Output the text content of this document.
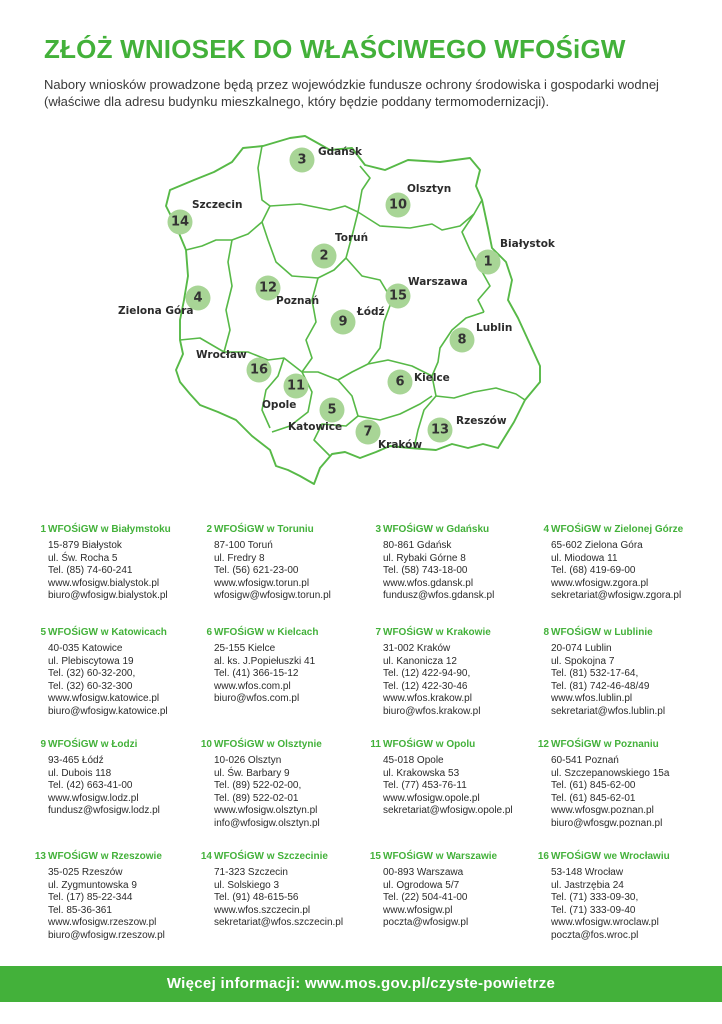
ZŁÓŻ WNIOSEK DO WŁAŚCIWEGO WFOŚiGW
Nabory wniosków prowadzone będą przez wojewódzkie fundusze ochrony środowiska i gospodarki wodnej
(właściwe dla adresu budynku mieszkalnego, który będzie poddany termomodernizacji).
1
Białystok
2
Toruń
3
Gdańsk
4
Zielona Góra
5
Katowice
6 Kielce
7
Kraków
8
Lublin
9
Łódź
10
Olsztyn
11
Opole
12
Poznań
13
Rzeszów
14
Szczecin
15
Warszawa
16
Wrocław
1 WFOŚiGW w Białymstoku
15-879 Białystok
ul. Św. Rocha 5
Tel. (85) 74-60-241
www.wfosigw.bialystok.pl
biuro@wfosigw.bialystok.pl
2 WFOŚiGW w Toruniu
87-100 Toruń
ul. Fredry 8
Tel. (56) 621-23-00
www.wfosigw.torun.pl
wfosigw@wfosigw.torun.pl
3 WFOŚiGW w Gdańsku
80-861 Gdańsk
ul. Rybaki Górne 8
Tel. (58) 743-18-00
www.wfos.gdansk.pl
fundusz@wfos.gdansk.pl
4 WFOŚiGW w Zielonej Górze
65-602 Zielona Góra
ul. Miodowa 11
Tel. (68) 419-69-00
www.wfosigw.zgora.pl
sekretariat@wfosigw.zgora.pl
5 WFOŚiGW w Katowicach
40-035 Katowice
ul. Plebiscytowa 19
Tel. (32) 60-32-200,
Tel. (32) 60-32-300
www.wfosigw.katowice.pl
biuro@wfosigw.katowice.pl
6 WFOŚiGW w Kielcach
25-155 Kielce
al. ks. J.Popiełuszki 41
Tel. (41) 366-15-12
www.wfos.com.pl
biuro@wfos.com.pl
7 WFOŚiGW w Krakowie
31-002 Kraków
ul. Kanonicza 12
Tel. (12) 422-94-90,
Tel. (12) 422-30-46
www.wfos.krakow.pl
biuro@wfos.krakow.pl
8 WFOŚiGW w Lublinie
20-074 Lublin
ul. Spokojna 7
Tel. (81) 532-17-64,
Tel. (81) 742-46-48/49
www.wfos.lublin.pl
sekretariat@wfos.lublin.pl
9 WFOŚiGW w Łodzi
93-465 Łódź
ul. Dubois 118
Tel. (42) 663-41-00
www.wfosigw.lodz.pl
fundusz@wfosigw.lodz.pl
10 WFOŚiGW w Olsztynie
10-026 Olsztyn
ul. Św. Barbary 9
Tel. (89) 522-02-00,
Tel. (89) 522-02-01
www.wfosigw.olsztyn.pl
info@wfosigw.olsztyn.pl
11 WFOŚiGW w Opolu
45-018 Opole
ul. Krakowska 53
Tel. (77) 453-76-11
www.wfosigw.opole.pl
sekretariat@wfosigw.opole.pl
12 WFOŚiGW w Poznaniu
60-541 Poznań
ul. Szczepanowskiego 15a
Tel. (61) 845-62-00
Tel. (61) 845-62-01
www.wfosgw.poznan.pl
biuro@wfosgw.poznan.pl
13 WFOŚiGW w Rzeszowie
35-025 Rzeszów
ul. Zygmuntowska 9
Tel. (17) 85-22-344
Tel. 85-36-361
www.wfosigw.rzeszow.pl
biuro@wfosigw.rzeszow.pl
14 WFOŚiGW w Szczecinie
71-323 Szczecin
ul. Solskiego 3
Tel. (91) 48-615-56
www.wfos.szczecin.pl
sekretariat@wfos.szczecin.pl
15 WFOŚiGW w Warszawie
00-893 Warszawa
ul. Ogrodowa 5/7
Tel. (22) 504-41-00
www.wfosigw.pl
poczta@wfosigw.pl
16 WFOŚiGW we Wrocławiu
53-148 Wrocław
ul. Jastrzębia 24
Tel. (71) 333-09-30,
Tel. (71) 333-09-40
www.wfosigw.wroclaw.pl
poczta@fos.wroc.pl
Więcej informacji: www.mos.gov.pl/czyste-powietrze
